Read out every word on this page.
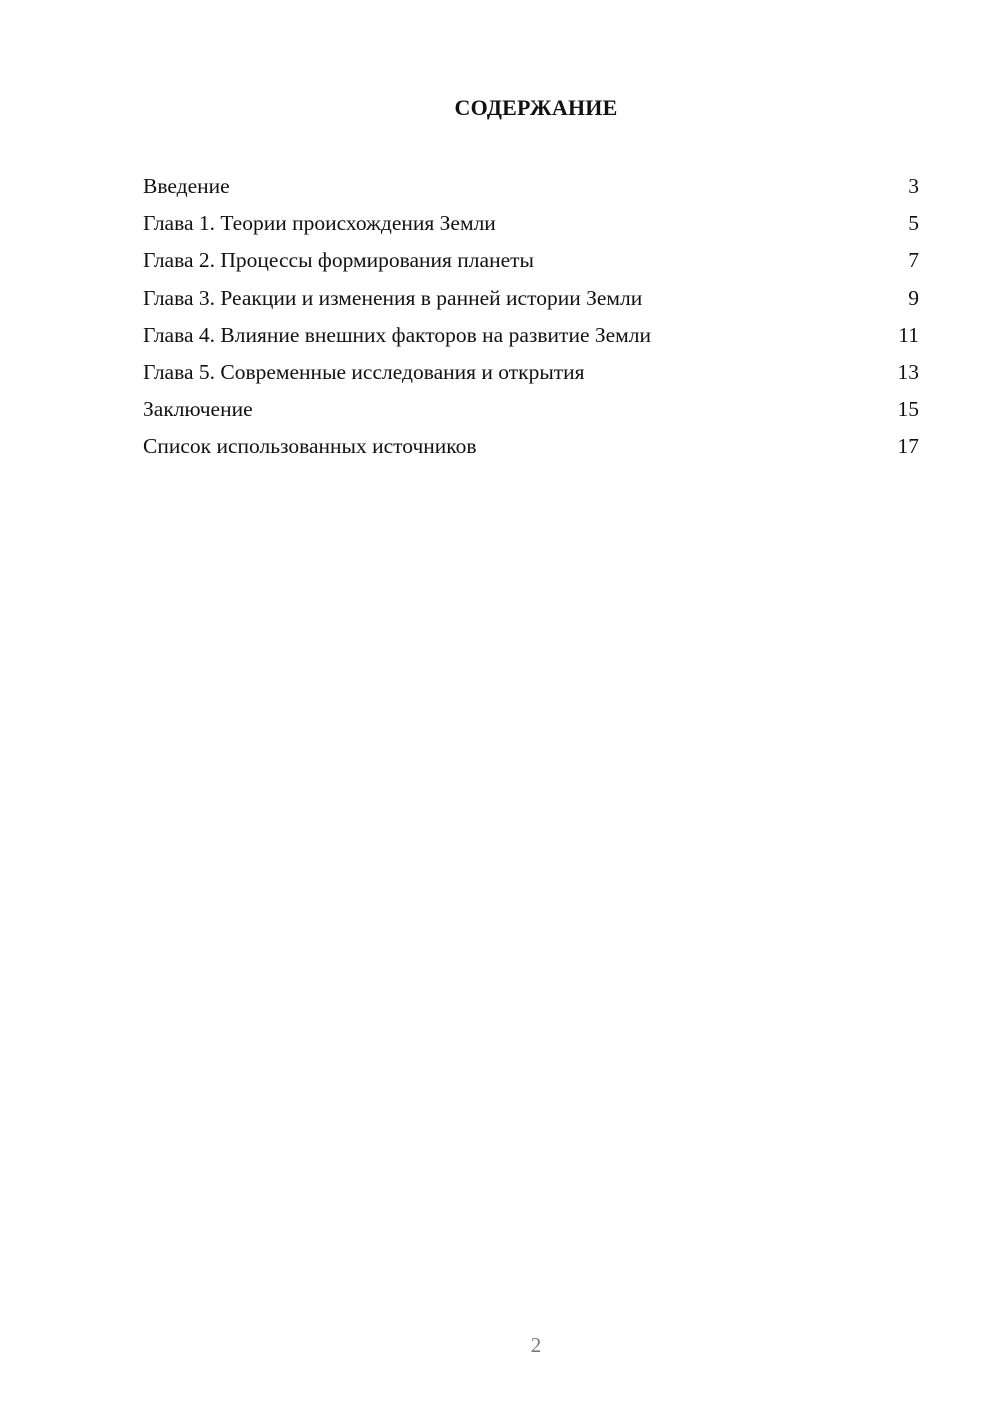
СОДЕРЖАНИЕ
Введение	3
Глава 1. Теории происхождения Земли	5
Глава 2. Процессы формирования планеты	7
Глава 3. Реакции и изменения в ранней истории Земли	9
Глава 4. Влияние внешних факторов на развитие Земли	11
Глава 5. Современные исследования и открытия	13
Заключение	15
Список использованных источников	17
2
